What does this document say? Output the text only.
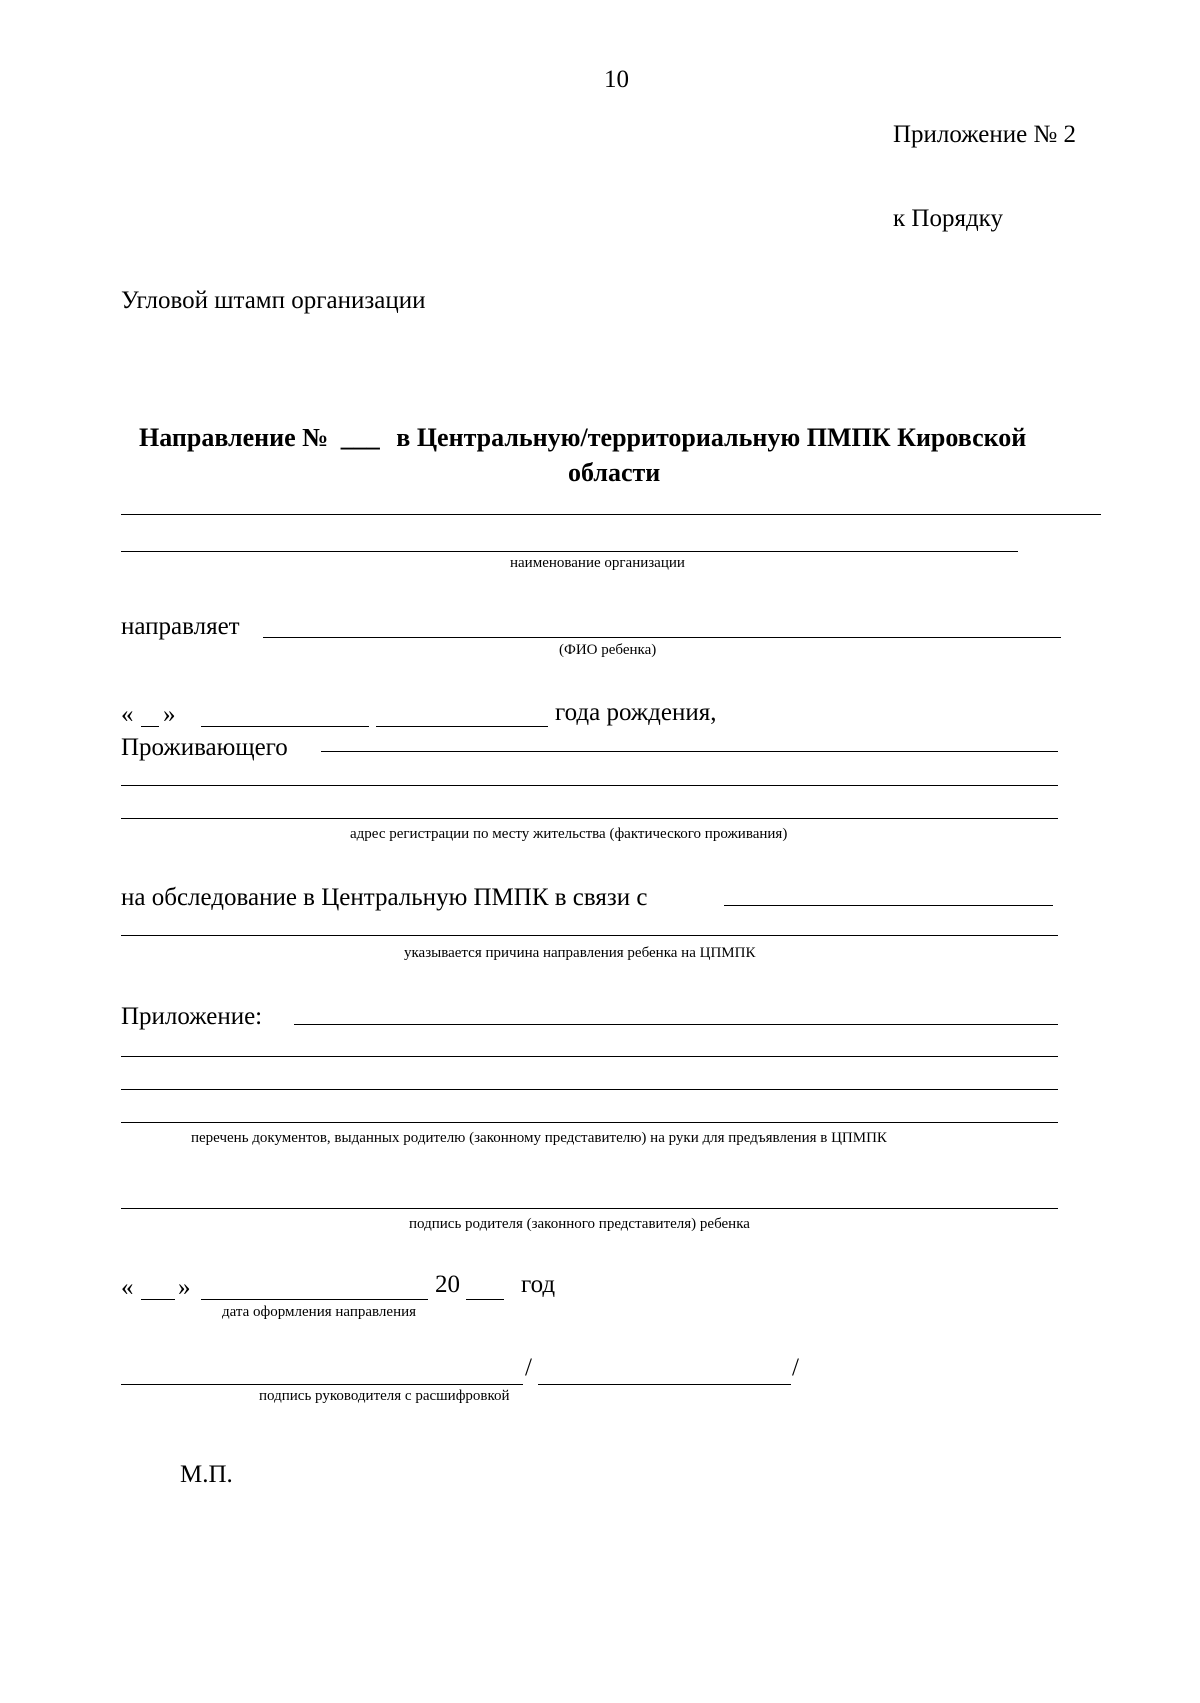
10
Приложение № 2
к Порядку
Угловой штамп организации
Направление № ___ в Центральную/территориальную ПМПК Кировской
области
наименование организации
направляет
(ФИО ребенка)
« »	года рождения,
Проживающего
адрес регистрации по месту жительства (фактического проживания)
на обследование в Центральную ПМПК в связи с
указывается причина направления ребенка на ЦПМПК
Приложение:
перечень документов, выданных родителю (законному представителю) на руки для предъявления в ЦПМПК
подпись родителя (законного представителя) ребенка
« »	20 год
дата оформления направления
/	/
подпись руководителя с расшифровкой
М.П.
